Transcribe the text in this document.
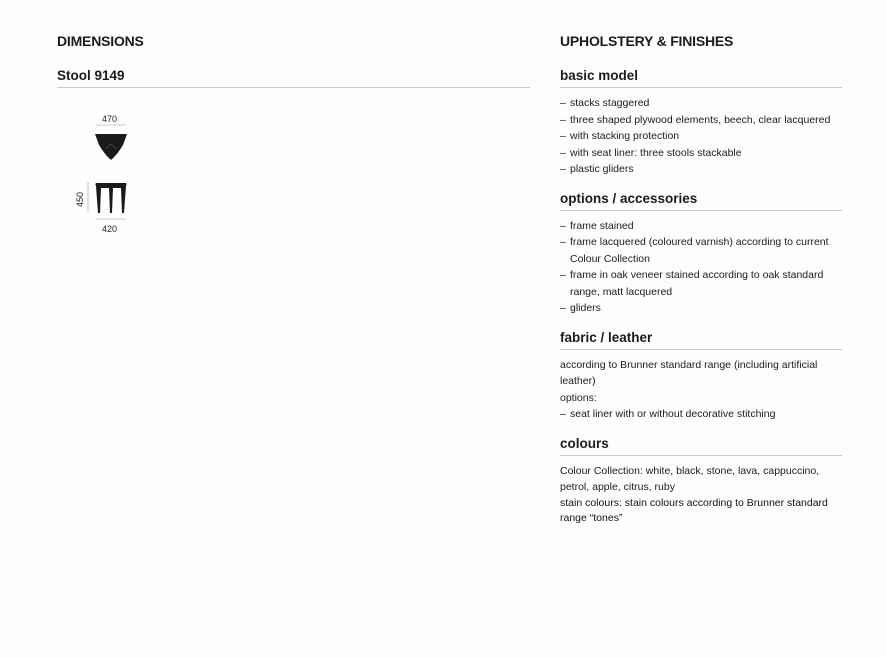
DIMENSIONS	UPHOLSTERY & FINISHES
Stool 9149
470
450
420
basic model
– stacks staggered
– three shaped plywood elements, beech, clear lacquered
– with stacking protection
– with seat liner: three stools stackable
– plastic gliders
options / accessories
– frame stained
– frame lacquered (coloured varnish) according to current Colour Collection
– frame in oak veneer stained according to oak standard range, matt lacquered
– gliders
fabric / leather

according to Brunner standard range (including artificial leather)

options:

– seat liner with or without decorative stitching
colours

Colour Collection: white, black, stone, lava, cappuccino, petrol, apple, citrus, ruby

stain colours: stain colours according to Brunner standard range “tones”
